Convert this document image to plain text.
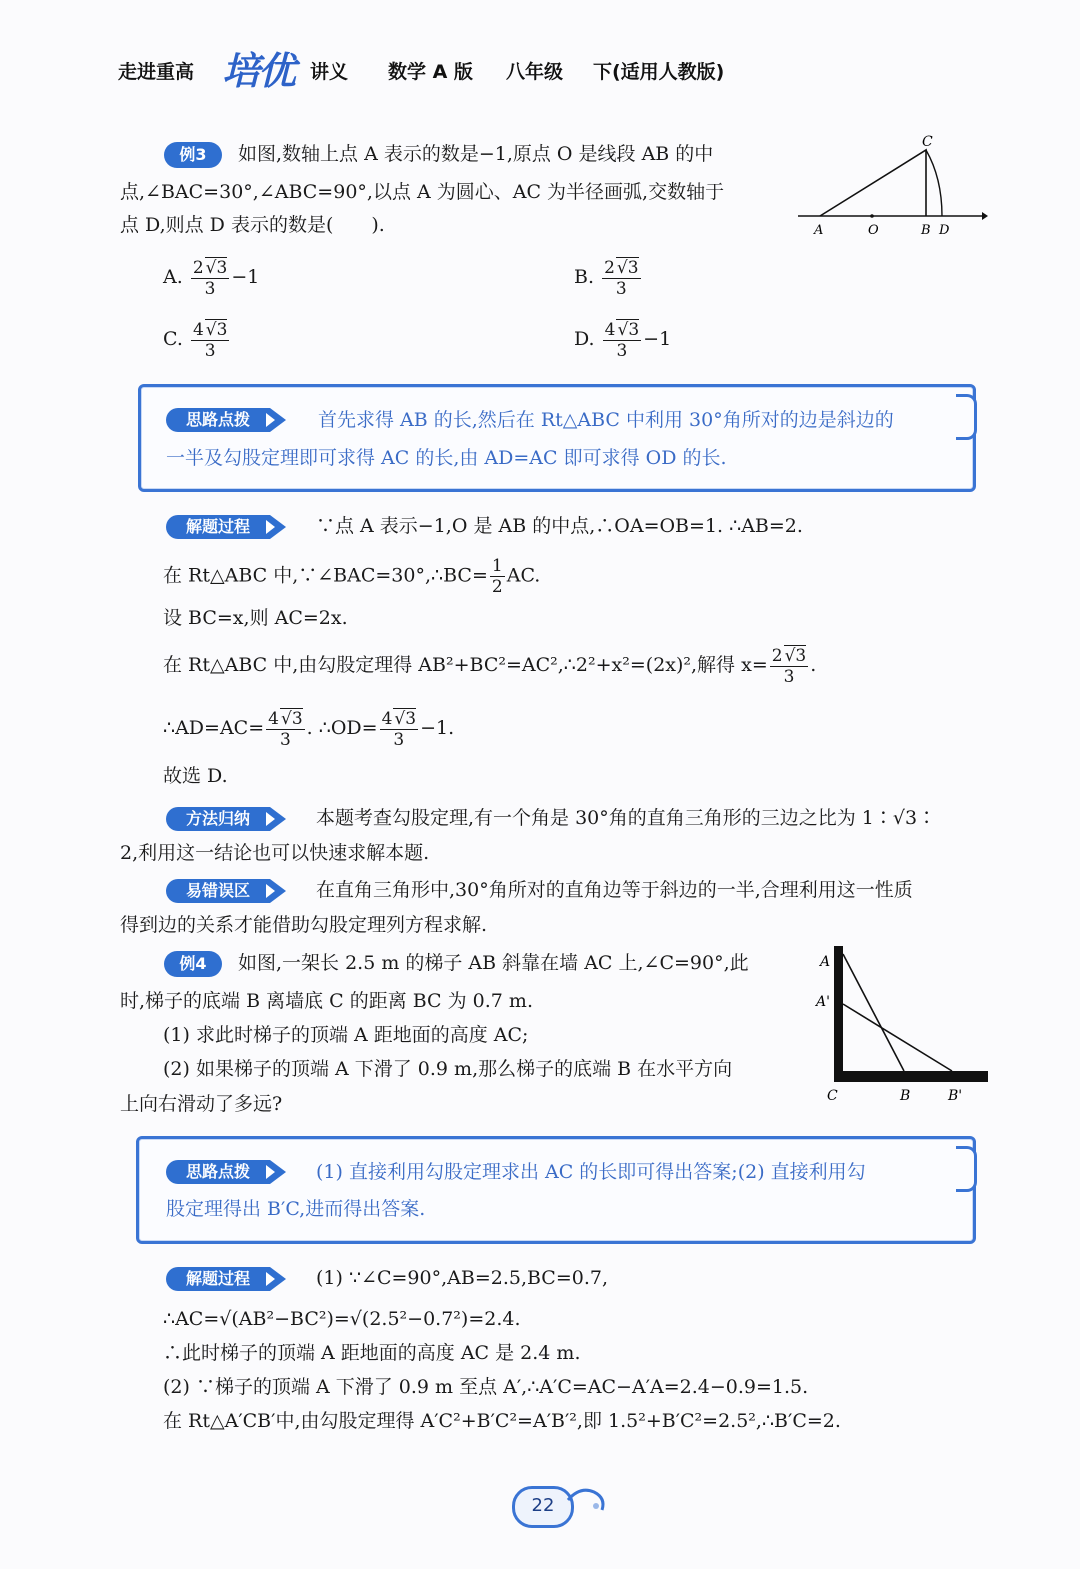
走进重高 培优 讲义 数学 A 版 八年级 下(适用人教版)
例3	如图,数轴上点 A 表示的数是−1,原点 O 是线段 AB 的中
点,∠BAC=30°,∠ABC=90°,以点 A 为圆心、AC 为半径画弧,交数轴于
点 D,则点 D 表示的数是(　　).
C
A	O	B D
A. $\frac{2 √ 3}{3} -1$	B. $\frac{2 √ 3}{3}$
C. $\frac{4 √ 3}{3}$	D. $\frac{4 √ 3}{3} -1$
思路点拨	首先求得 AB 的长,然后在 Rt△ABC 中利用 30°角所对的边是斜边的
一半及勾股定理即可求得 AC 的长,由 AD=AC 即可求得 OD 的长.
解题过程	∵点 A 表示−1,O 是 AB 的中点,∴OA=OB=1. ∴AB=2.
在 Rt△ABC 中,∵∠BAC=30°,∴BC= $\frac{1}{2}$ AC.
设 BC=x,则 AC=2x.
在 Rt△ABC 中,由勾股定理得 AB²+BC²=AC²,∴2²+x²=(2x)²,解得 $x= \frac{2 √ 3}{3}$ .
∴AD=AC= $\frac{4 √ 3}{3}$ . ∴OD= $\frac{4 √ 3}{3} -1$.
故选 D.
方法归纳	本题考查勾股定理,有一个角是 30°角的直角三角形的三边之比为 1∶√3∶
2,利用这一结论也可以快速求解本题.
易错误区	在直角三角形中,30°角所对的直角边等于斜边的一半,合理利用这一性质
得到边的关系才能借助勾股定理列方程求解.
例4	如图,一架长 2.5 m 的梯子 AB 斜靠在墙 AC 上,∠C=90°,此
时,梯子的底端 B 离墙底 C 的距离 BC 为 0.7 m.
(1) 求此时梯子的顶端 A 距地面的高度 AC;
(2) 如果梯子的顶端 A 下滑了 0.9 m,那么梯子的底端 B 在水平方向
上向右滑动了多远?
A
A'
C	B	B'
思路点拨	(1) 直接利用勾股定理求出 AC 的长即可得出答案;(2) 直接利用勾
股定理得出 B′C,进而得出答案.
解题过程	(1) ∵∠C=90°,AB=2.5,BC=0.7,
∴AC=√(AB²−BC²)=√(2.5²−0.7²)=2.4.
∴此时梯子的顶端 A 距地面的高度 AC 是 2.4 m.
(2) ∵梯子的顶端 A 下滑了 0.9 m 至点 A′,∴A′C=AC−A′A=2.4−0.9=1.5.
在 Rt△A′CB′中,由勾股定理得 A′C²+B′C²=A′B′²,即 1.5²+B′C²=2.5²,∴B′C=2.
22
